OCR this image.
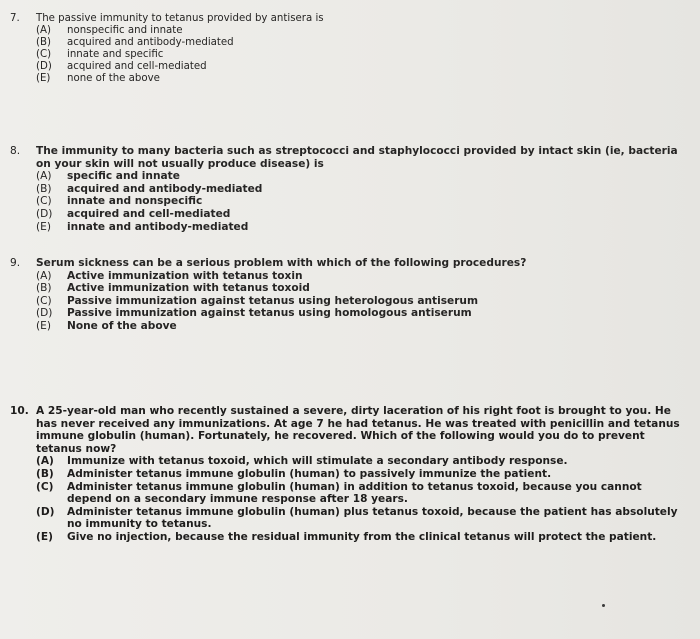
7. The passive immunity to tetanus provided by antisera is
(A) nonspecific and innate
(B) acquired and antibody-mediated
(C) innate and specific
(D) acquired and cell-mediated
(E) none of the above
8. The immunity to many bacteria such as streptococci and staphylococci provided by intact skin (ie, bacteria on your skin will not usually produce disease) is
(A) specific and innate
(B) acquired and antibody-mediated
(C) innate and nonspecific
(D) acquired and cell-mediated
(E) innate and antibody-mediated
9. Serum sickness can be a serious problem with which of the following procedures?
(A) Active immunization with tetanus toxin
(B) Active immunization with tetanus toxoid
(C) Passive immunization against tetanus using heterologous antiserum
(D) Passive immunization against tetanus using homologous antiserum
(E) None of the above
10. A 25-year-old man who recently sustained a severe, dirty laceration of his right foot is brought to you. He has never received any immunizations. At age 7 he had tetanus. He was treated with penicillin and tetanus immune globulin (human). Fortunately, he recovered. Which of the following would you do to prevent tetanus now?
(A) Immunize with tetanus toxoid, which will stimulate a secondary antibody response.
(B) Administer tetanus immune globulin (human) to passively immunize the patient.
(C) Administer tetanus immune globulin (human) in addition to tetanus toxoid, because you cannot depend on a secondary immune response after 18 years.
(D) Administer tetanus immune globulin (human) plus tetanus toxoid, because the patient has absolutely no immunity to tetanus.
(E) Give no injection, because the residual immunity from the clinical tetanus will protect the patient.
